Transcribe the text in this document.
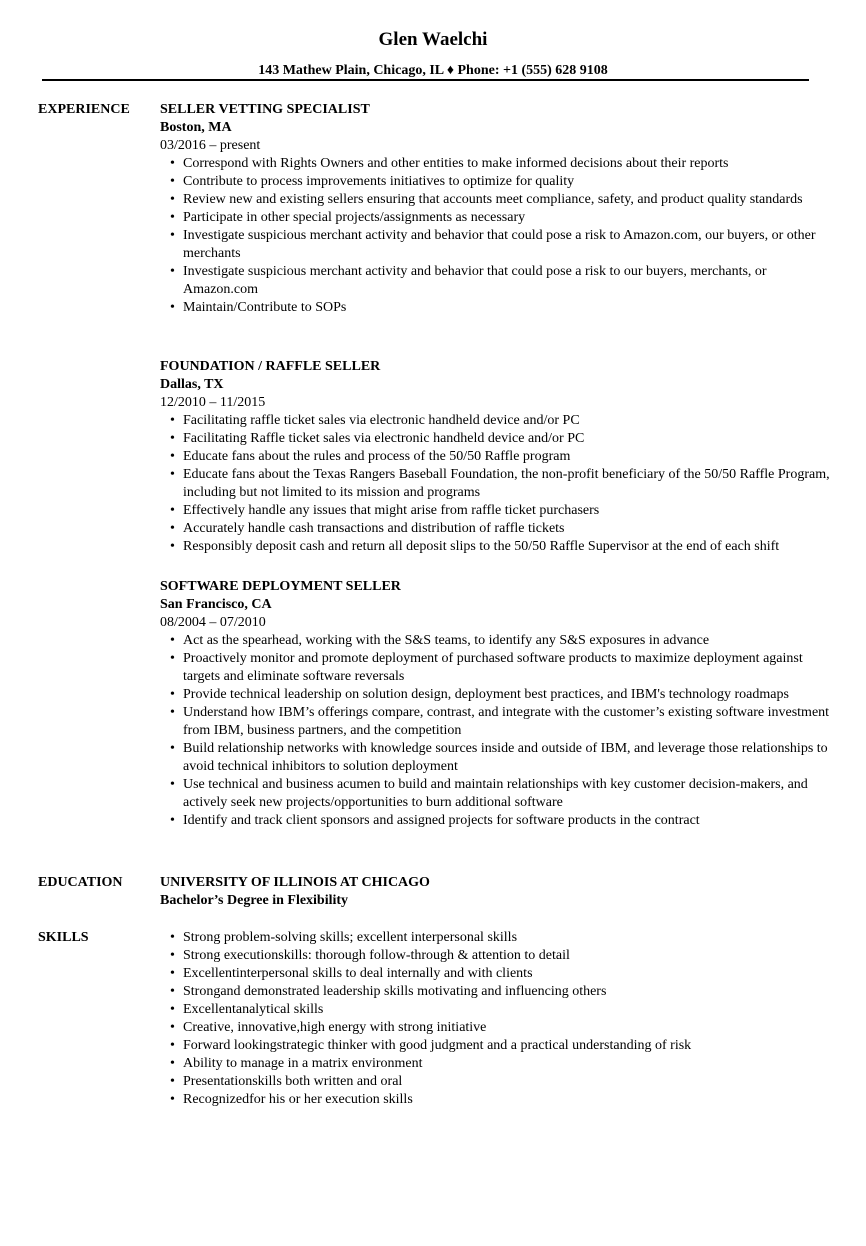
Glen Waelchi
143 Mathew Plain, Chicago, IL ♦ Phone: +1 (555) 628 9108
EXPERIENCE SELLER VETTING SPECIALIST
Boston, MA
03/2016 – present
• Correspond with Rights Owners and other entities to make informed decisions about their reports
• Contribute to process improvements initiatives to optimize for quality
• Review new and existing sellers ensuring that accounts meet compliance, safety, and product quality standards
• Participate in other special projects/assignments as necessary
• Investigate suspicious merchant activity and behavior that could pose a risk to Amazon.com, our buyers, or other merchants
• Investigate suspicious merchant activity and behavior that could pose a risk to our buyers, merchants, or Amazon.com
• Maintain/Contribute to SOPs
FOUNDATION / RAFFLE SELLER
Dallas, TX
12/2010 – 11/2015
• Facilitating raffle ticket sales via electronic handheld device and/or PC
• Facilitating Raffle ticket sales via electronic handheld device and/or PC
• Educate fans about the rules and process of the 50/50 Raffle program
• Educate fans about the Texas Rangers Baseball Foundation, the non-profit beneficiary of the 50/50 Raffle Program, including but not limited to its mission and programs
• Effectively handle any issues that might arise from raffle ticket purchasers
• Accurately handle cash transactions and distribution of raffle tickets
• Responsibly deposit cash and return all deposit slips to the 50/50 Raffle Supervisor at the end of each shift
SOFTWARE DEPLOYMENT SELLER
San Francisco, CA
08/2004 – 07/2010
• Act as the spearhead, working with the S&S teams, to identify any S&S exposures in advance
• Proactively monitor and promote deployment of purchased software products to maximize deployment against targets and eliminate software reversals
• Provide technical leadership on solution design, deployment best practices, and IBM's technology roadmaps
• Understand how IBM’s offerings compare, contrast, and integrate with the customer’s existing software investment from IBM, business partners, and the competition
• Build relationship networks with knowledge sources inside and outside of IBM, and leverage those relationships to avoid technical inhibitors to solution deployment
• Use technical and business acumen to build and maintain relationships with key customer decision-makers, and actively seek new projects/opportunities to burn additional software
• Identify and track client sponsors and assigned projects for software products in the contract
EDUCATION	UNIVERSITY OF ILLINOIS AT CHICAGO
Bachelor’s Degree in Flexibility
SKILLS
•	Strong problem-solving skills; excellent interpersonal skills
• Strong executionskills: thorough follow-through & attention to detail
• Excellentinterpersonal skills to deal internally and with clients
• Strongand demonstrated leadership skills motivating and influencing others
• Excellentanalytical skills
• Creative, innovative,high energy with strong initiative
• Forward lookingstrategic thinker with good judgment and a practical understanding of risk
• Ability to manage in a matrix environment
• Presentationskills both written and oral
• Recognizedfor his or her execution skills
